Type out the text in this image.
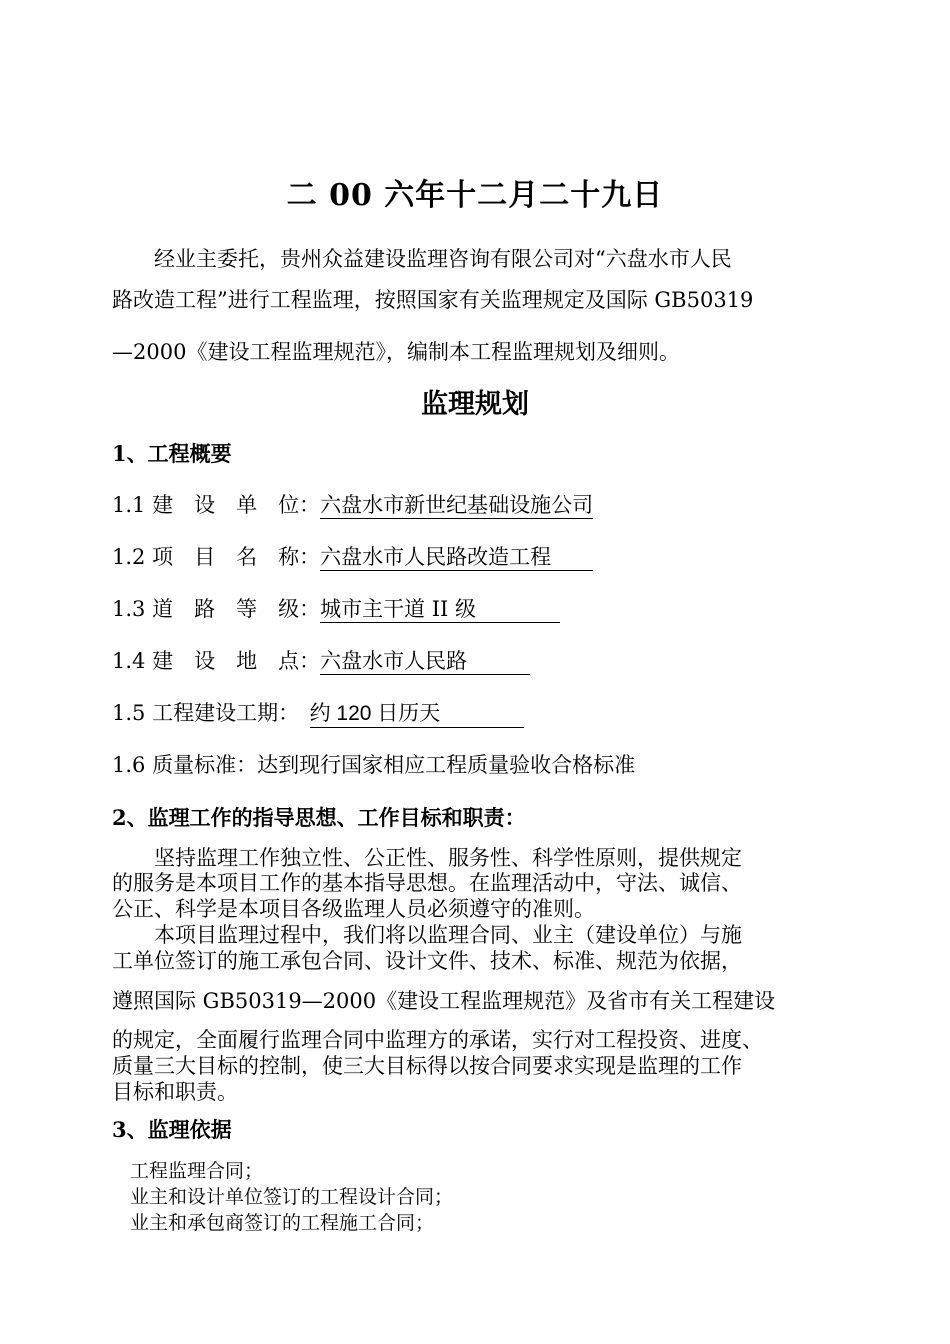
二 00 六年十二月二十九日
　　经业主委托，贵州众益建设监理咨询有限公司对“六盘水市人民
路改造工程”进行工程监理，按照国家有关监理规定及国际 GB50319
—2000《建设工程监理规范》，编制本工程监理规划及细则。
监理规划
1、工程概要
1.1 建　设　单　位：六盘水市新世纪基础设施公司
1.2 项　目　名　称：六盘水市人民路改造工程　　
1.3 道　路　等　级：城市主干道 II 级　　　　
1.4 建　设　地　点：六盘水市人民路　　　
1.5 工程建设工期：　约 120 日历天　　　　
1.6 质量标准：达到现行国家相应工程质量验收合格标准
2、监理工作的指导思想、工作目标和职责：
　　坚持监理工作独立性、公正性、服务性、科学性原则，提供规定
的服务是本项目工作的基本指导思想。在监理活动中，守法、诚信、
公正、科学是本项目各级监理人员必须遵守的准则。
　　本项目监理过程中，我们将以监理合同、业主（建设单位）与施
工单位签订的施工承包合同、设计文件、技术、标准、规范为依据，
遵照国际 GB50319—2000《建设工程监理规范》及省市有关工程建设
的规定，全面履行监理合同中监理方的承诺，实行对工程投资、进度、
质量三大目标的控制，使三大目标得以按合同要求实现是监理的工作
目标和职责。
3、监理依据
工程监理合同；
业主和设计单位签订的工程设计合同；
业主和承包商签订的工程施工合同；
